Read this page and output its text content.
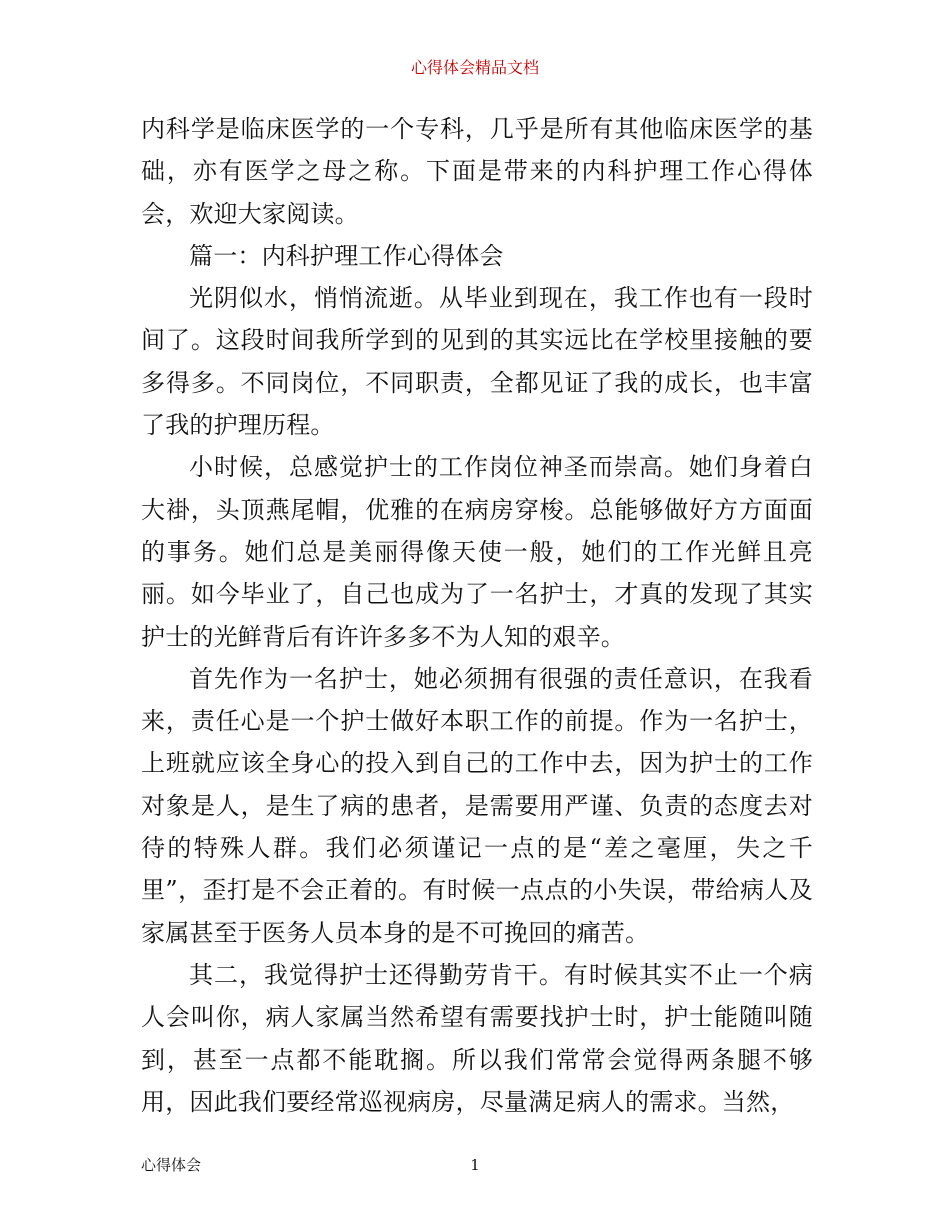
心得体会精品文档

内科学是临床医学的一个专科，几乎是所有其他临床医学的基础，亦有医学之母之称。下面是带来的内科护理工作心得体会，欢迎大家阅读。

篇一：内科护理工作心得体会

光阴似水，悄悄流逝。从毕业到现在，我工作也有一段时间了。这段时间我所学到的见到的其实远比在学校里接触的要多得多。不同岗位，不同职责，全都见证了我的成长，也丰富了我的护理历程。

小时候，总感觉护士的工作岗位神圣而崇高。她们身着白大褂，头顶燕尾帽，优雅的在病房穿梭。总能够做好方方面面的事务。她们总是美丽得像天使一般，她们的工作光鲜且亮丽。如今毕业了，自己也成为了一名护士，才真的发现了其实护士的光鲜背后有许许多多不为人知的艰辛。

首先作为一名护士，她必须拥有很强的责任意识，在我看来，责任心是一个护士做好本职工作的前提。作为一名护士，上班就应该全身心的投入到自己的工作中去，因为护士的工作对象是人，是生了病的患者，是需要用严谨、负责的态度去对待的特殊人群。我们必须谨记一点的是“差之毫厘，失之千里”，歪打是不会正着的。有时候一点点的小失误，带给病人及家属甚至于医务人员本身的是不可挽回的痛苦。

其二，我觉得护士还得勤劳肯干。有时候其实不止一个病人会叫你，病人家属当然希望有需要找护士时，护士能随叫随到，甚至一点都不能耽搁。所以我们常常会觉得两条腿不够用，因此我们要经常巡视病房，尽量满足病人的需求。当然，

心得体会	1
